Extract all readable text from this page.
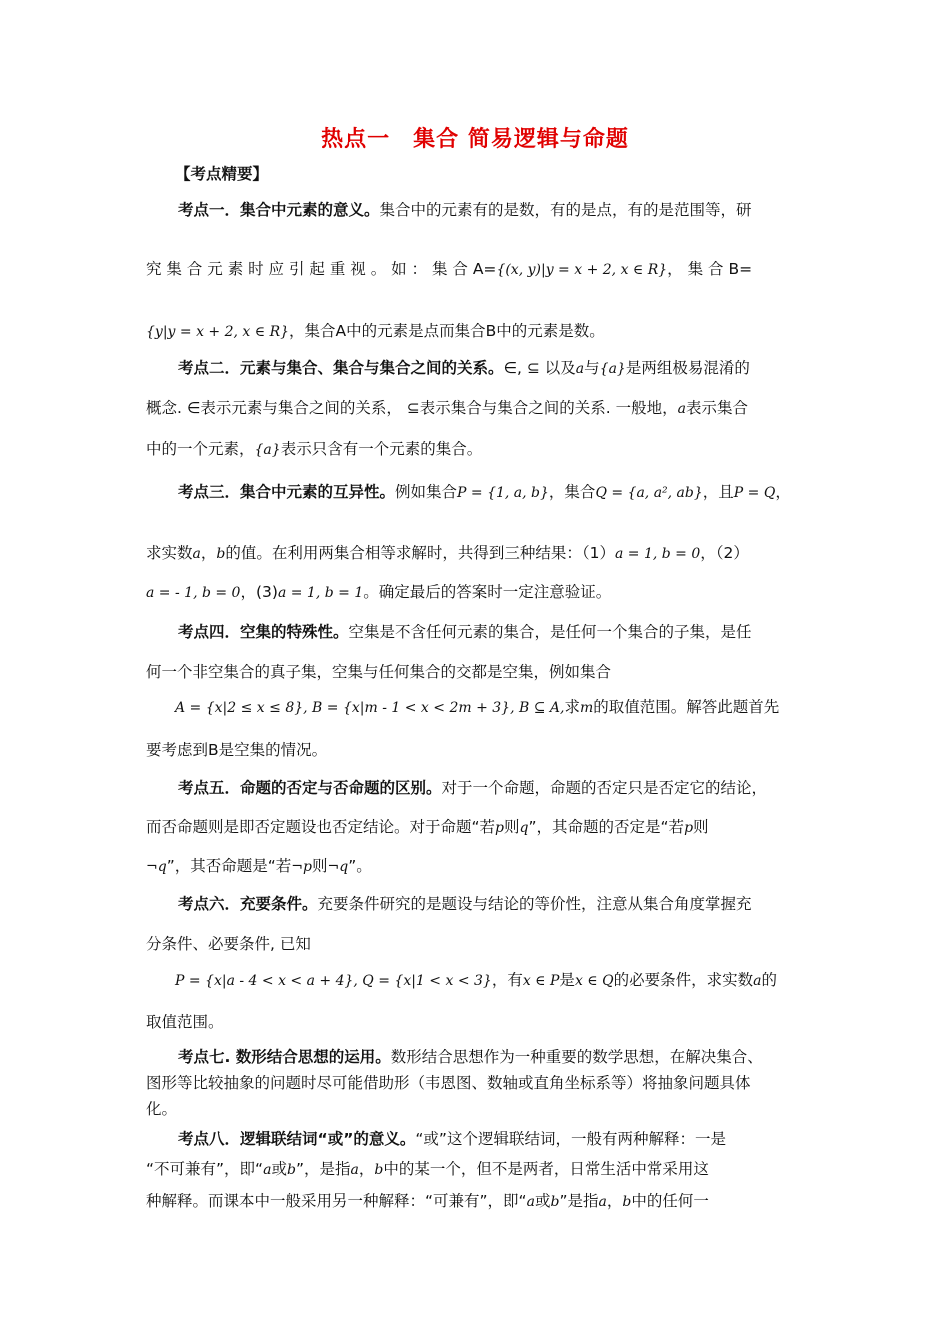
热点一　集合 简易逻辑与命题
【考点精要】
考点一．集合中元素的意义。集合中的元素有的是数，有的是点，有的是范围等，研
究 集 合 元 素 时 应 引 起 重 视 。 如 ： 集 合 A={(x, y)|y = x + 2, x ∈ R}， 集 合 B=
{y|y = x + 2, x ∈ R}，集合A中的元素是点而集合B中的元素是数。
考点二．元素与集合、集合与集合之间的关系。∈, ⊆ 以及a与{a}是两组极易混淆的
概念. ∈表示元素与集合之间的关系， ⊆表示集合与集合之间的关系. 一般地，a表示集合
中的一个元素，{a}表示只含有一个元素的集合。
考点三．集合中元素的互异性。例如集合P = {1, a, b}，集合Q = {a, a², ab}，且P = Q，
求实数a，b的值。在利用两集合相等求解时，共得到三种结果：（1）a = 1, b = 0，（2）
a = - 1, b = 0，(3)a = 1, b = 1。确定最后的答案时一定注意验证。
考点四．空集的特殊性。空集是不含任何元素的集合，是任何一个集合的子集，是任
何一个非空集合的真子集，空集与任何集合的交都是空集，例如集合
A = {x|2 ≤ x ≤ 8}, B = {x|m - 1 < x < 2m + 3}, B ⊆ A,求m的取值范围。解答此题首先
要考虑到B是空集的情况。
考点五．命题的否定与否命题的区别。对于一个命题，命题的否定只是否定它的结论，
而否命题则是即否定题设也否定结论。对于命题“若p则q”，其命题的否定是“若p则
¬q”，其否命题是“若¬p则¬q”。
考点六．充要条件。充要条件研究的是题设与结论的等价性，注意从集合角度掌握充
分条件、必要条件, 已知
P = {x|a - 4 < x < a + 4}, Q = {x|1 < x < 3}，有x ∈ P是x ∈ Q的必要条件，求实数a的
取值范围。
考点七. 数形结合思想的运用。数形结合思想作为一种重要的数学思想，在解决集合、
图形等比较抽象的问题时尽可能借助形（韦恩图、数轴或直角坐标系等）将抽象问题具体
化。
考点八．逻辑联结词“或”的意义。“或”这个逻辑联结词，一般有两种解释：一是
“不可兼有”，即“a或b”，是指a，b中的某一个，但不是两者，日常生活中常采用这
种解释。而课本中一般采用另一种解释：“可兼有”，即“a或b”是指a，b中的任何一
